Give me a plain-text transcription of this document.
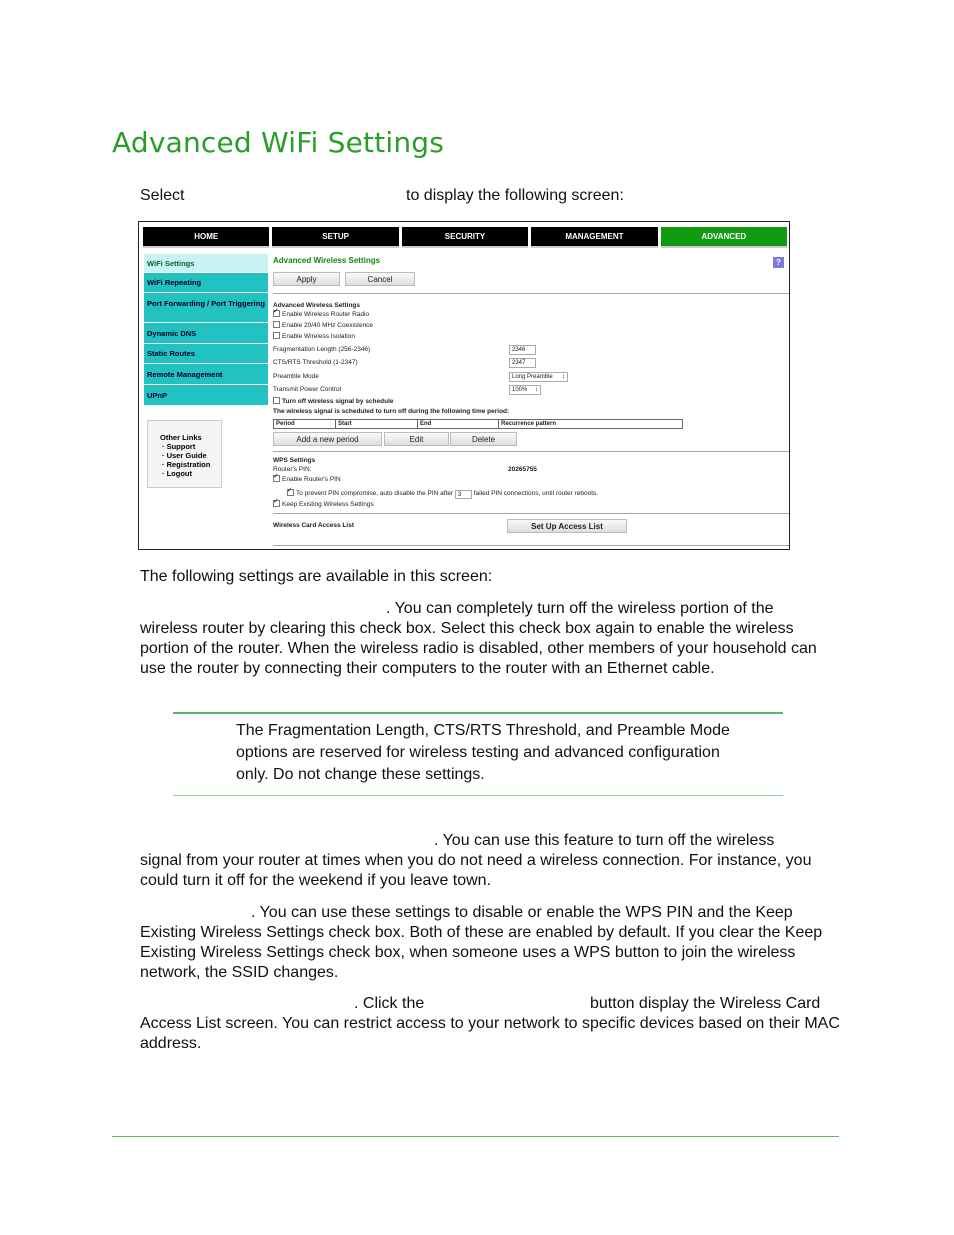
Advanced WiFi Settings
Select	to display the following screen:
HOME	SETUP	SECURITY	MANAGEMENT	ADVANCED
WiFi Settings
WiFi Repeating
Port Forwarding / Port Triggering
Dynamic DNS
Static Routes
Remote Management
UPnP
Other Links
· Support
· User Guide
· Registration
· Logout
Advanced Wireless Settings	?
Apply	Cancel
Advanced Wireless Settings
✓Enable Wireless Router Radio
Enable 20/40 MHz Coexistence
Enable Wireless Isolation
Fragmentation Length (256-2346)	2346
CTS/RTS Threshold (1-2347)	2347
Preamble Mode	Long Preamble ↕
Transmit Power Control	100% ↕
Turn off wireless signal by schedule
The wireless signal is scheduled to turn off during the following time period:
Period	Start	End	Recurrence pattern
Add a new period	Edit	Delete
WPS Settings
Router's PIN:	20265755
✓Enable Router's PIN
✓To prevent PIN compromise, auto disable the PIN after 3 failed PIN connections, until router reboots.
✓Keep Existing Wireless Settings
Wireless Card Access List	Set Up Access List
The following settings are available in this screen:
. You can completely turn off the wireless portion of the
wireless router by clearing this check box. Select this check box again to enable the wireless portion of the router. When the wireless radio is disabled, other members of your household can use the router by connecting their computers to the router with an Ethernet cable.
The Fragmentation Length, CTS/RTS Threshold, and Preamble Mode options are reserved for wireless testing and advanced configuration only. Do not change these settings.
. You can use this feature to turn off the wireless
signal from your router at times when you do not need a wireless connection. For instance, you could turn it off for the weekend if you leave town.
. You can use these settings to disable or enable the WPS PIN and the Keep
Existing Wireless Settings check box. Both of these are enabled by default. If you clear the Keep Existing Wireless Settings check box, when someone uses a WPS button to join the wireless network, the SSID changes.
. Click the	button display the Wireless Card
Access List screen. You can restrict access to your network to specific devices based on their MAC address.
